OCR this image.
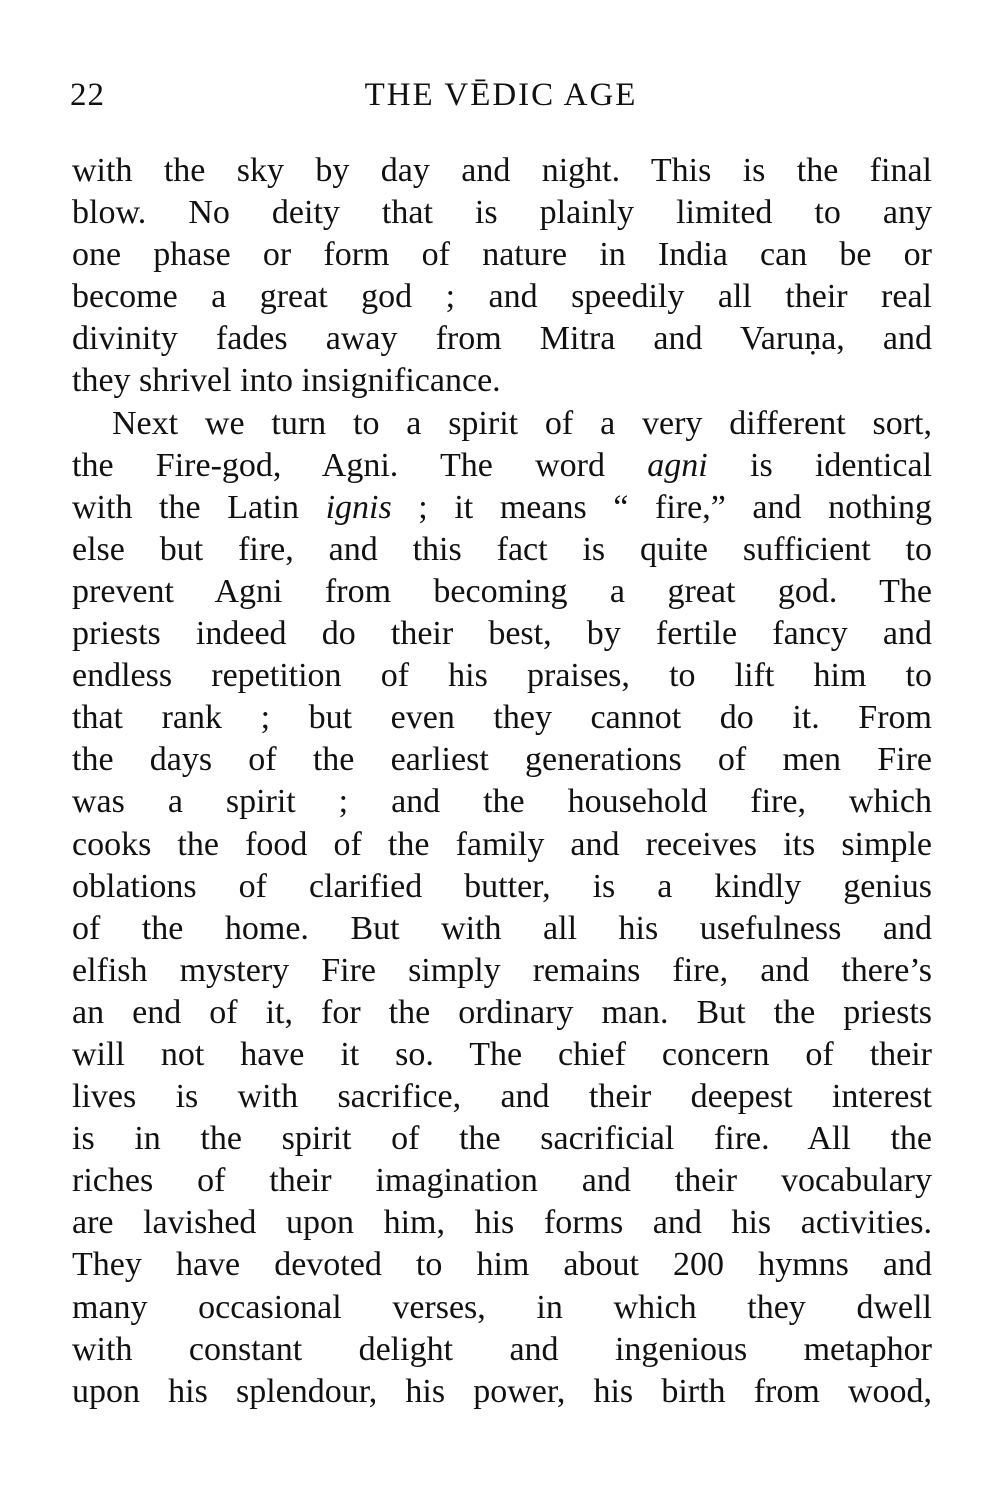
22	THE VĒDIC AGE
with the sky by day and night. This is the final
blow. No deity that is plainly limited to any
one phase or form of nature in India can be or
become a great god ; and speedily all their real
divinity fades away from Mitra and Varuṇa, and
they shrivel into insignificance.
Next we turn to a spirit of a very different sort,
the Fire-god, Agni. The word agni is identical
with the Latin ignis ; it means “ fire,” and nothing
else but fire, and this fact is quite sufficient to
prevent Agni from becoming a great god. The
priests indeed do their best, by fertile fancy and
endless repetition of his praises, to lift him to
that rank ; but even they cannot do it. From
the days of the earliest generations of men Fire
was a spirit ; and the household fire, which
cooks the food of the family and receives its simple
oblations of clarified butter, is a kindly genius
of the home. But with all his usefulness and
elfish mystery Fire simply remains fire, and there’s
an end of it, for the ordinary man. But the priests
will not have it so. The chief concern of their
lives is with sacrifice, and their deepest interest
is in the spirit of the sacrificial fire. All the
riches of their imagination and their vocabulary
are lavished upon him, his forms and his activities.
They have devoted to him about 200 hymns and
many occasional verses, in which they dwell
with constant delight and ingenious metaphor
upon his splendour, his power, his birth from wood,
